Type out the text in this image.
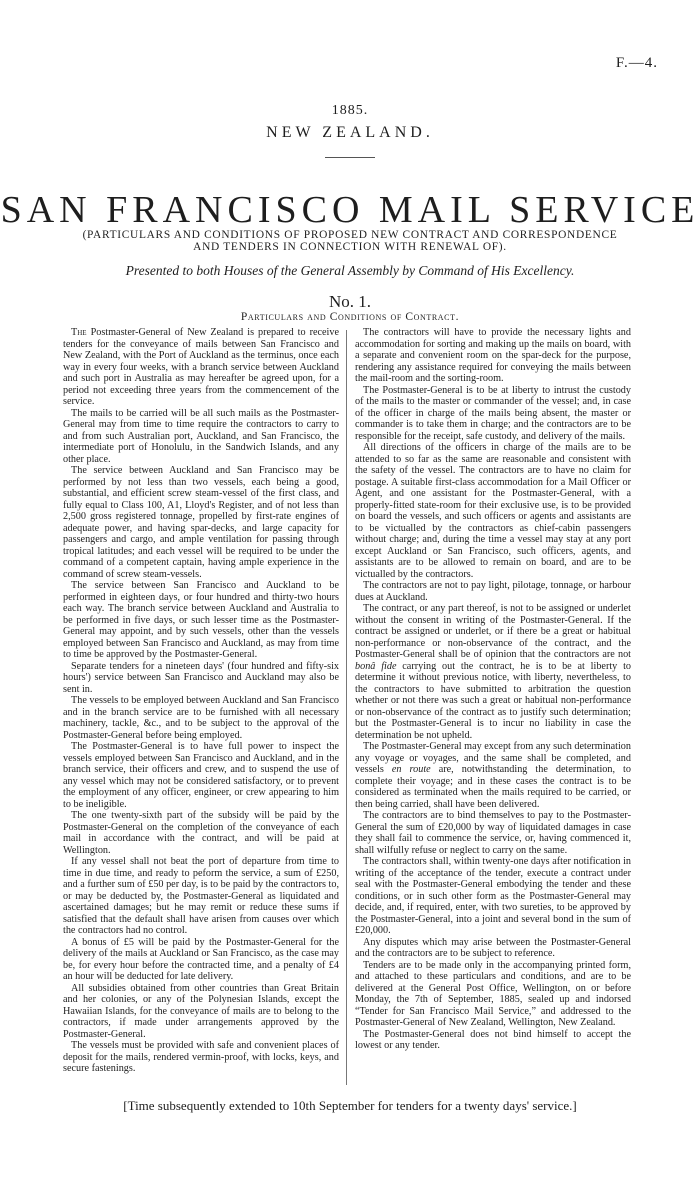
F.—4.
1885.
NEW ZEALAND.
SAN FRANCISCO MAIL SERVICE
(PARTICULARS AND CONDITIONS OF PROPOSED NEW CONTRACT AND CORRESPONDENCE AND TENDERS IN CONNECTION WITH RENEWAL OF).
Presented to both Houses of the General Assembly by Command of His Excellency.
No. 1.
Particulars and Conditions of Contract.

The Postmaster-General of New Zealand is prepared to receive tenders for the conveyance of mails between San Francisco and New Zealand, with the Port of Auckland as the terminus, once each way in every four weeks, with a branch service between Auckland and such port in Australia as may hereafter be agreed upon, for a period not exceeding three years from the commencement of the service.

The mails to be carried will be all such mails as the Postmaster-General may from time to time require the contractors to carry to and from such Australian port, Auckland, and San Francisco, the intermediate port of Honolulu, in the Sandwich Islands, and any other place.

The service between Auckland and San Francisco may be performed by not less than two vessels, each being a good, substantial, and efficient screw steam-vessel of the first class, and fully equal to Class 100, A1, Lloyd's Register, and of not less than 2,500 gross registered tonnage, propelled by first-rate engines of adequate power, and having spar-decks, and large capacity for passengers and cargo, and ample ventilation for passing through tropical latitudes; and each vessel will be required to be under the command of a competent captain, having ample experience in the command of screw steam-vessels.

The service between San Francisco and Auckland to be performed in eighteen days, or four hundred and thirty-two hours each way. The branch service between Auckland and Australia to be performed in five days, or such lesser time as the Postmaster-General may appoint, and by such vessels, other than the vessels employed between San Francisco and Auckland, as may from time to time be approved by the Postmaster-General.

Separate tenders for a nineteen days' (four hundred and fifty-six hours') service between San Francisco and Auckland may also be sent in.

The vessels to be employed between Auckland and San Francisco and in the branch service are to be furnished with all necessary machinery, tackle, &c., and to be subject to the approval of the Postmaster-General before being employed.

The Postmaster-General is to have full power to inspect the vessels employed between San Francisco and Auckland, and in the branch service, their officers and crew, and to suspend the use of any vessel which may not be considered satisfactory, or to prevent the employment of any officer, engineer, or crew appearing to him to be ineligible.

The one twenty-sixth part of the subsidy will be paid by the Postmaster-General on the completion of the conveyance of each mail in accordance with the contract, and will be paid at Wellington.

If any vessel shall not beat the port of departure from time to time in due time, and ready to peform the service, a sum of £250, and a further sum of £50 per day, is to be paid by the contractors to, or may be deducted by, the Postmaster-General as liquidated and ascertained damages; but he may remit or reduce these sums if satisfied that the default shall have arisen from causes over which the contractors had no control.

A bonus of £5 will be paid by the Postmaster-General for the delivery of the mails at Auckland or San Francisco, as the case may be, for every hour before the contracted time, and a penalty of £4 an hour will be deducted for late delivery.

All subsidies obtained from other countries than Great Britain and her colonies, or any of the Polynesian Islands, except the Hawaiian Islands, for the conveyance of mails are to belong to the contractors, if made under arrangements approved by the Postmaster-General.

The vessels must be provided with safe and convenient places of deposit for the mails, rendered vermin-proof, with locks, keys, and secure fastenings.

The contractors will have to provide the necessary lights and accommodation for sorting and making up the mails on board, with a separate and convenient room on the spar-deck for the purpose, rendering any assistance required for conveying the mails between the mail-room and the sorting-room.

The Postmaster-General is to be at liberty to intrust the custody of the mails to the master or commander of the vessel; and, in case of the officer in charge of the mails being absent, the master or commander is to take them in charge; and the contractors are to be responsible for the receipt, safe custody, and delivery of the mails.

All directions of the officers in charge of the mails are to be attended to so far as the same are reasonable and consistent with the safety of the vessel. The contractors are to have no claim for postage. A suitable first-class accommodation for a Mail Officer or Agent, and one assistant for the Postmaster-General, with a properly-fitted state-room for their exclusive use, is to be provided on board the vessels, and such officers or agents and assistants are to be victualled by the contractors as chief-cabin passengers without charge; and, during the time a vessel may stay at any port except Auckland or San Francisco, such officers, agents, and assistants are to be allowed to remain on board, and are to be victualled by the contractors.

The contractors are not to pay light, pilotage, tonnage, or harbour dues at Auckland.

The contract, or any part thereof, is not to be assigned or underlet without the consent in writing of the Postmaster-General. If the contract be assigned or underlet, or if there be a great or habitual non-performance or non-observance of the contract, and the Postmaster-General shall be of opinion that the contractors are not bonâ fide carrying out the contract, he is to be at liberty to determine it without previous notice, with liberty, nevertheless, to the contractors to have submitted to arbitration the question whether or not there was such a great or habitual non-performance or non-observance of the contract as to justify such determination; but the Postmaster-General is to incur no liability in case the determination be not upheld.

The Postmaster-General may except from any such determination any voyage or voyages, and the same shall be completed, and vessels en route are, notwithstanding the determination, to complete their voyage; and in these cases the contract is to be considered as terminated when the mails required to be carried, or then being carried, shall have been delivered.

The contractors are to bind themselves to pay to the Postmaster-General the sum of £20,000 by way of liquidated damages in case they shall fail to commence the service, or, having commenced it, shall wilfully refuse or neglect to carry on the same.

The contractors shall, within twenty-one days after notification in writing of the acceptance of the tender, execute a contract under seal with the Postmaster-General embodying the tender and these conditions, or in such other form as the Postmaster-General may decide, and, if required, enter, with two sureties, to be approved by the Postmaster-General, into a joint and several bond in the sum of £20,000.

Any disputes which may arise between the Postmaster-General and the contractors are to be subject to reference.

Tenders are to be made only in the accompanying printed form, and attached to these particulars and conditions, and are to be delivered at the General Post Office, Wellington, on or before Monday, the 7th of September, 1885, sealed up and indorsed “Tender for San Francisco Mail Service,” and addressed to the Postmaster-General of New Zealand, Wellington, New Zealand.

The Postmaster-General does not bind himself to accept the lowest or any tender.

[Time subsequently extended to 10th September for tenders for a twenty days' service.]
